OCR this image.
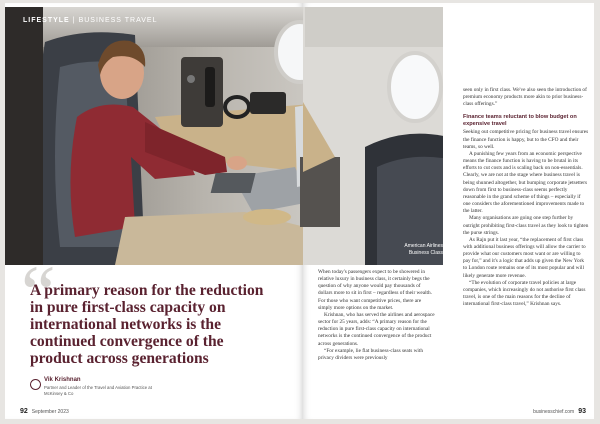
LIFESTYLE | BUSINESS TRAVEL
“
A primary reason for the reduction in pure first-class capacity on international networks is the continued convergence of the product across generations
Vik Krishnan
Partner and Leader of the Travel and Aviation Practice at McKinsey & Co
92 September 2023
American Airlines Business Class

When today's passengers expect to be showered in relative luxury in business class, it certainly begs the question of why anyone would pay thousands of dollars more to sit in first – regardless of their wealth. For those who want competitive prices, there are simply more options on the market.

Krishnan, who has served the airlines and aerospace sector for 25 years, adds: “A primary reason for the reduction in pure first-class capacity on international networks is the continued convergence of the product across generations.

“For example, lie flat business-class seats with privacy dividers were previously

seen only in first class. We've also seen the introduction of premium economy products more akin to prior business-class offerings.”

Finance teams reluctant to blow budget on expensive travel

Seeking out competitive pricing for business travel ensures the finance function is happy, but to the CFO and their teams, so well.

A punishing few years from an economic perspective means the finance function is having to be brutal in its efforts to cut costs and is scaling back on non-essentials. Clearly, we are not at the stage where business travel is being shunned altogether, but bumping corporate jetsetters down from first to business-class seems perfectly reasonable in the grand scheme of things – especially if one considers the aforementioned improvements made to the latter.

Many organisations are going one step further by outright prohibiting first-class travel as they look to tighten the purse strings.

As Rajn put it last year, “the replacement of first class with additional business offerings will allow the carrier to provide what our customers most want or are willing to pay for,” and it's a logic that adds up given the New York to London route remains one of its most popular and will likely generate more revenue.

“The evolution of corporate travel policies at large companies, which increasingly do not authorise first class travel, is one of the main reasons for the decline of international first-class travel,” Krishnan says.

businesschief.com 93
